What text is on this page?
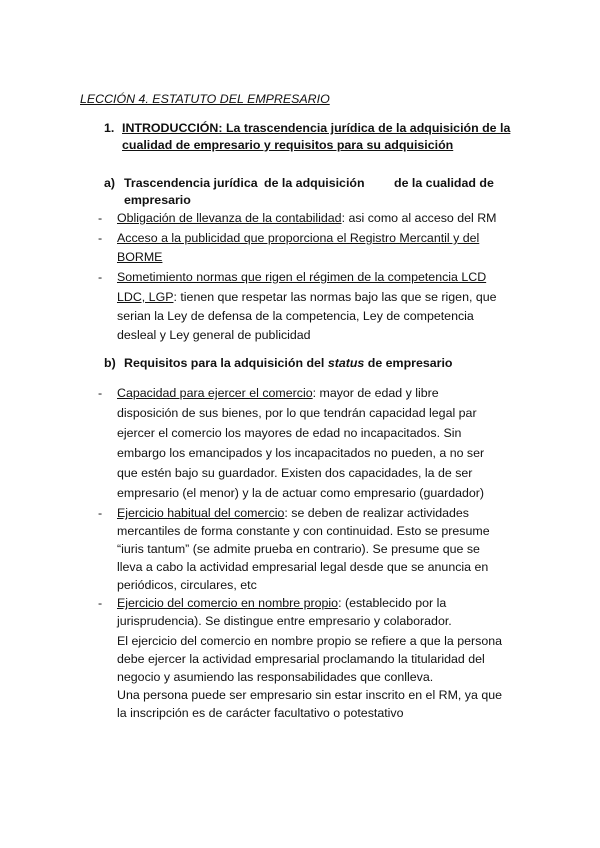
LECCIÓN 4. ESTATUTO DEL EMPRESARIO
1. INTRODUCCIÓN: La trascendencia jurídica de la adquisición de la
cualidad de empresario y requisitos para su adquisición
a) Trascendencia jurídica de la adquisición de la cualidad de
empresario
- Obligación de llevanza de la contabilidad: asi como al acceso del RM
- Acceso a la publicidad que proporciona el Registro Mercantil y del
BORME
- Sometimiento normas que rigen el régimen de la competencia LCD
LDC, LGP: tienen que respetar las normas bajo las que se rigen, que
serian la Ley de defensa de la competencia, Ley de competencia
desleal y Ley general de publicidad
b) Requisitos para la adquisición del status de empresario
- Capacidad para ejercer el comercio: mayor de edad y libre
disposición de sus bienes, por lo que tendrán capacidad legal par
ejercer el comercio los mayores de edad no incapacitados. Sin
embargo los emancipados y los incapacitados no pueden, a no ser
que estén bajo su guardador. Existen dos capacidades, la de ser
empresario (el menor) y la de actuar como empresario (guardador)
- Ejercicio habitual del comercio: se deben de realizar actividades
mercantiles de forma constante y con continuidad. Esto se presume
“iuris tantum” (se admite prueba en contrario). Se presume que se
lleva a cabo la actividad empresarial legal desde que se anuncia en
periódicos, circulares, etc
- Ejercicio del comercio en nombre propio: (establecido por la
jurisprudencia). Se distingue entre empresario y colaborador.
El ejercicio del comercio en nombre propio se refiere a que la persona
debe ejercer la actividad empresarial proclamando la titularidad del
negocio y asumiendo las responsabilidades que conlleva.
Una persona puede ser empresario sin estar inscrito en el RM, ya que
la inscripción es de carácter facultativo o potestativo
